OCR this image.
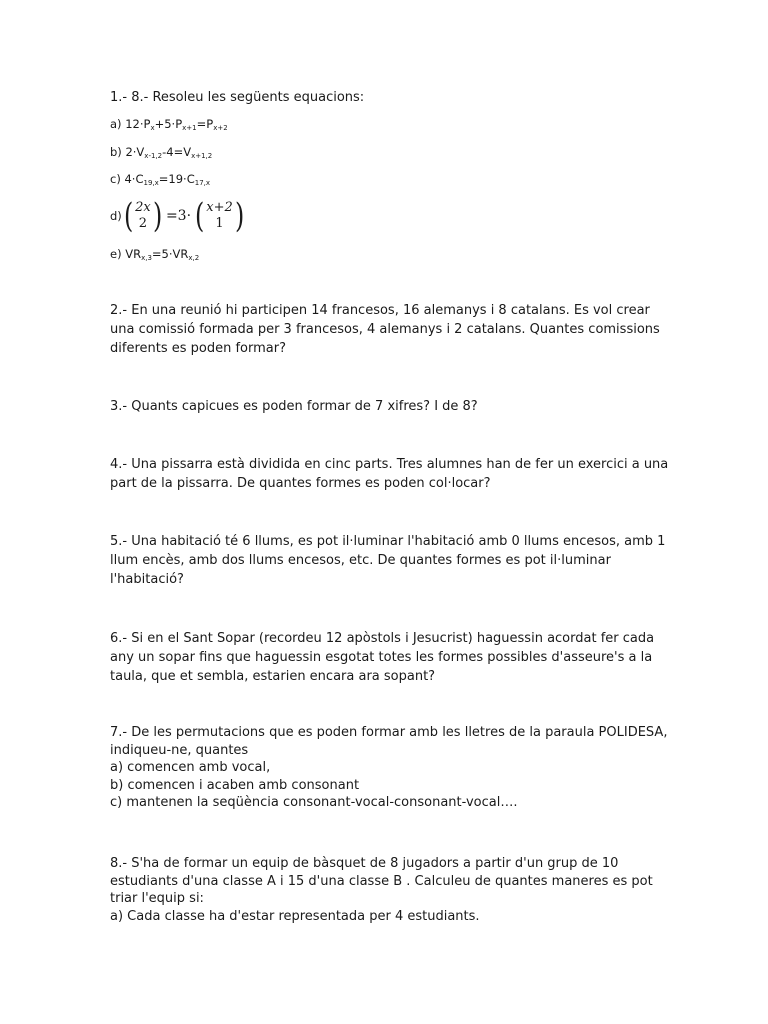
1.- 8.- Resoleu les següents equacions:
a) $12\cdot P_x+5\cdot P_{x+1}=P_{x+2}$
b) $2\cdot V_{x-1,2}-4=V_{x+1,2}$
c) $4\cdot C_{19,x}=19\cdot C_{17,x}$
d) ( 2x
2 ) =3· ( x+2
1 )
e) $VR_{x,3}=5\cdot VR_{x,2}$
2.- En una reunió hi participen 14 francesos, 16 alemanys i 8 catalans. Es vol crear una comissió formada per 3 francesos, 4 alemanys i 2 catalans. Quantes comissions diferents es poden formar?
3.- Quants capicues es poden formar de 7 xifres? I de 8?
4.- Una pissarra està dividida en cinc parts. Tres alumnes han de fer un exercici a una part de la pissarra. De quantes formes es poden col·locar?
5.- Una habitació té 6 llums, es pot il·luminar l'habitació amb 0 llums encesos, amb 1 llum encès, amb dos llums encesos, etc. De quantes formes es pot il·luminar l'habitació?
6.- Si en el Sant Sopar (recordeu 12 apòstols i Jesucrist) haguessin acordat fer cada any un sopar fins que haguessin esgotat totes les formes possibles d'asseure's a la taula, que et sembla, estarien encara ara sopant?
7.- De les permutacions que es poden formar amb les lletres de la paraula POLIDESA, indiqueu-ne, quantes
a) comencen amb vocal,
b) comencen i acaben amb consonant
c) mantenen la seqüència consonant-vocal-consonant-vocal….
8.- S'ha de formar un equip de bàsquet de 8 jugadors a partir d'un grup de 10 estudiants d'una classe A i 15 d'una classe B . Calculeu de quantes maneres es pot triar l'equip si:
a) Cada classe ha d'estar representada per 4 estudiants.
